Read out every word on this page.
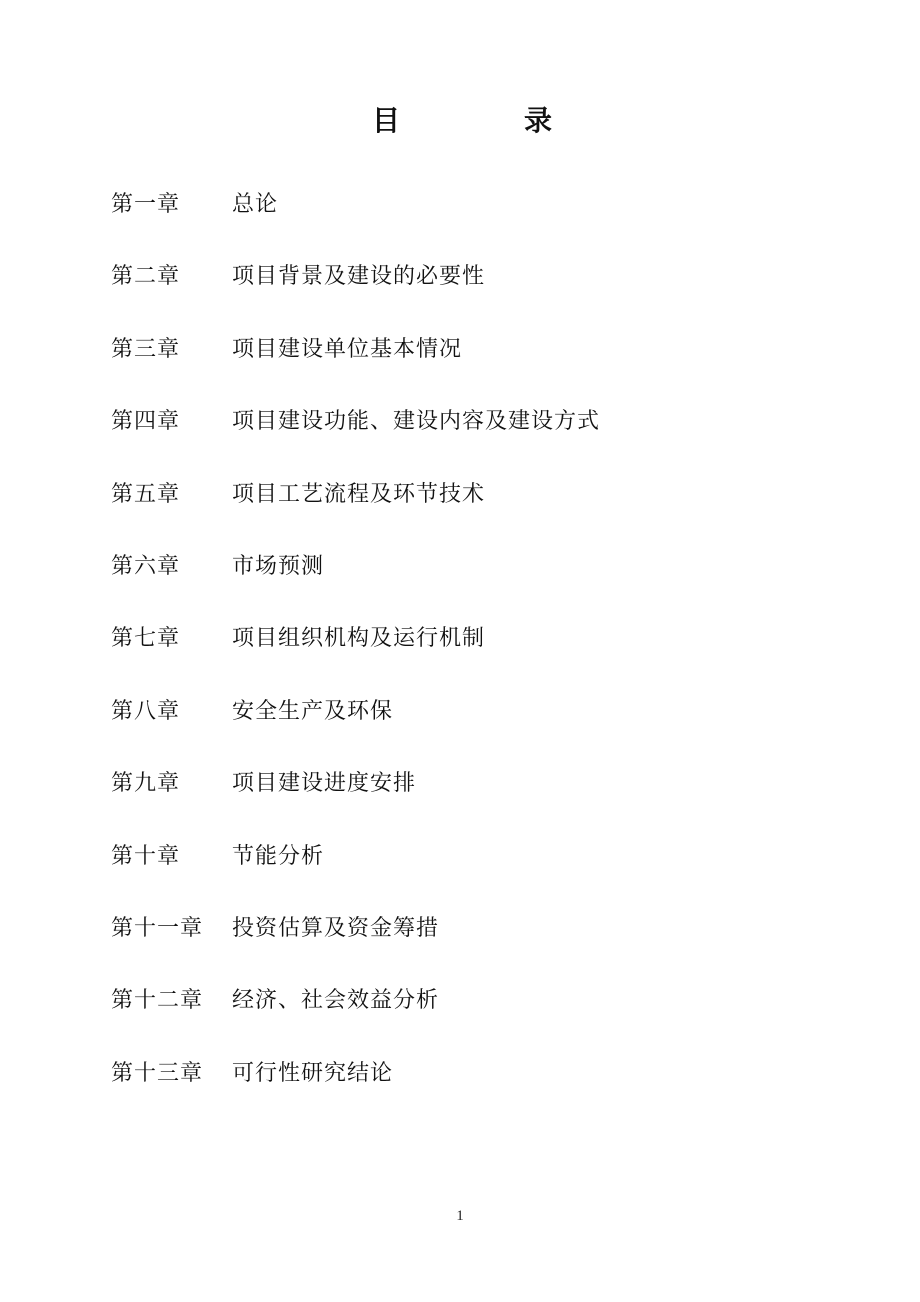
目	录
第一章 总论
第二章 项目背景及建设的必要性
第三章 项目建设单位基本情况
第四章 项目建设功能、建设内容及建设方式
第五章 项目工艺流程及环节技术
第六章 市场预测
第七章 项目组织机构及运行机制
第八章 安全生产及环保
第九章 项目建设进度安排
第十章 节能分析
第十一章 投资估算及资金筹措
第十二章 经济、社会效益分析
第十三章 可行性研究结论
1
